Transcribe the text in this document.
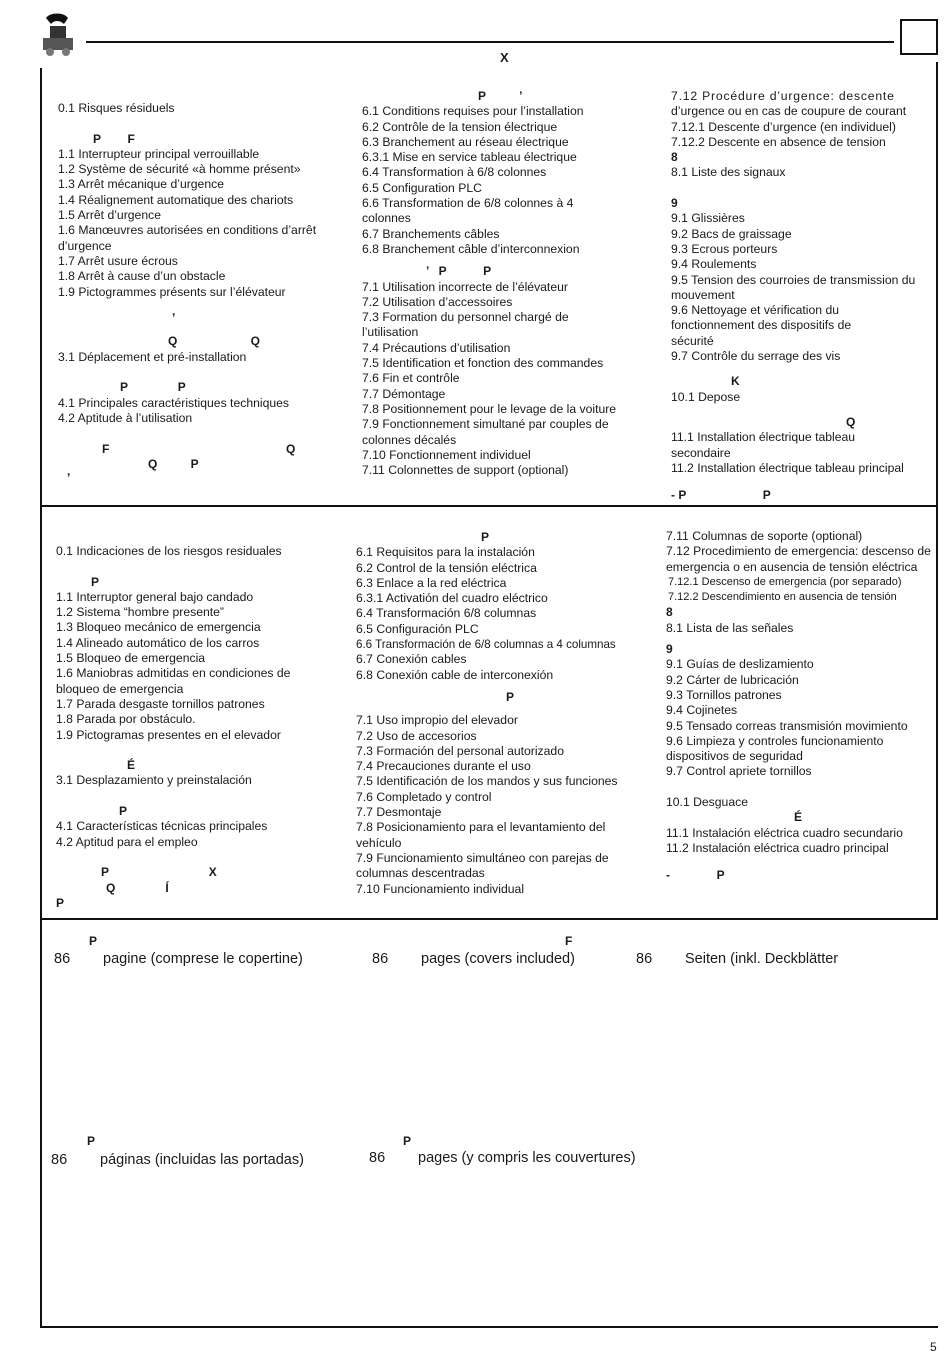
X
0.1 Risques résiduels
P        F
1.1 Interrupteur principal verrouillable
1.2 Système de sécurité «à homme présent»
1.3 Arrêt mécanique d’urgence
1.4 Réalignement automatique des chariots
1.5 Arrêt d’urgence
1.6 Manœuvres autorisées en conditions d’arrêt d’urgence
1.7 Arrêt usure écrous
1.8 Arrêt à cause d’un obstacle
1.9 Pictogrammes présents sur l’élévateur
,
Q                      Q
3.1 Déplacement et pré-installation
P               P
4.1 Principales caractéristiques techniques
4.2 Aptitude à l’utilisation
F                                                     Q
Q          P
,
P          ’
6.1 Conditions requises pour l’installation
6.2 Contrôle de la tension électrique
6.3 Branchement au réseau électrique
6.3.1 Mise en service tableau électrique
6.4 Transformation à 6/8 colonnes
6.5 Configuration PLC
6.6 Transformation de 6/8 colonnes à 4 colonnes
6.7 Branchements câbles
6.8 Branchement câble d’interconnexion
’   P           P
7.1 Utilisation incorrecte de l’élévateur
7.2 Utilisation d’accessoires
7.3 Formation du personnel chargé de l’utilisation
7.4 Précautions d’utilisation
7.5 Identification et fonction des commandes
7.6 Fin et contrôle
7.7 Démontage
7.8 Positionnement pour le levage de la voiture
7.9 Fonctionnement simultané par couples de colonnes décalés
7.10 Fonctionnement individuel
7.11 Colonnettes de support (optional)
7.12 Procédure d’urgence: descente
d’urgence ou en cas de coupure de courant
7.12.1 Descente d’urgence (en individuel)
7.12.2 Descente en absence de tension
8
8.1 Liste des signaux
9
9.1 Glissières
9.2 Bacs de graissage
9.3 Ecrous porteurs
9.4 Roulements
9.5 Tension des courroies de transmission du mouvement
9.6 Nettoyage et vérification du fonctionnement des dispositifs de sécurité
9.7 Contrôle du serrage des vis
K
10.1 Depose
Q
11.1 Installation électrique tableau secondaire
11.2 Installation électrique tableau principal
- P                       P
0.1 Indicaciones de los riesgos residuales
P
1.1 Interruptor general bajo candado
1.2 Sistema “hombre presente”
1.3 Bloqueo mecánico de emergencia
1.4 Alineado automático de los carros
1.5 Bloqueo de emergencia
1.6 Maniobras admitidas en condiciones de bloqueo de emergencia
1.7 Parada desgaste tornillos patrones
1.8 Parada por obstáculo.
1.9 Pictogramas presentes en el elevador
É
3.1 Desplazamiento y preinstalación
P
4.1 Características técnicas principales
4.2 Aptitud para el empleo
P                              X
Q               Í
P
P
6.1 Requisitos para la instalación
6.2 Control de la tensión eléctrica
6.3 Enlace a la red eléctrica
6.3.1 Activatión del cuadro eléctrico
6.4 Transformación 6/8 columnas
6.5 Configuración PLC
6.6 Transformación de 6/8 columnas a 4 columnas
6.7 Conexión cables
6.8 Conexión cable de interconexión
P
7.1 Uso impropio del elevador
7.2 Uso de accesorios
7.3 Formación del personal autorizado
7.4 Precauciones durante el uso
7.5 Identificación de los mandos y sus funciones
7.6 Completado y control
7.7 Desmontaje
7.8 Posicionamiento para el levantamiento del vehículo
7.9 Funcionamiento simultáneo con parejas de columnas descentradas
7.10 Funcionamiento individual
7.11 Columnas de soporte (optional)
7.12 Procedimiento de emergencia: descenso de emergencia o en ausencia de tensión eléctrica
7.12.1 Descenso de emergencia (por separado)
7.12.2 Descendimiento en ausencia de tensión
8
8.1 Lista de las señales
9
9.1 Guías de deslizamiento
9.2 Cárter de lubricación
9.3 Tornillos patrones
9.4 Cojinetes
9.5 Tensado correas transmisión movimiento
9.6 Limpieza y controles funcionamiento dispositivos de seguridad
9.7 Control apriete tornillos
10.1 Desguace
É
11.1 Instalación eléctrica cuadro secundario
11.2 Instalación eléctrica cuadro principal
-              P
P
86 pagine (comprese le copertine)
F
86 pages (covers included)	86 Seiten (inkl. Deckblätter
P
86 páginas (incluidas las portadas)
P
86 pages (y compris les couvertures)
5
